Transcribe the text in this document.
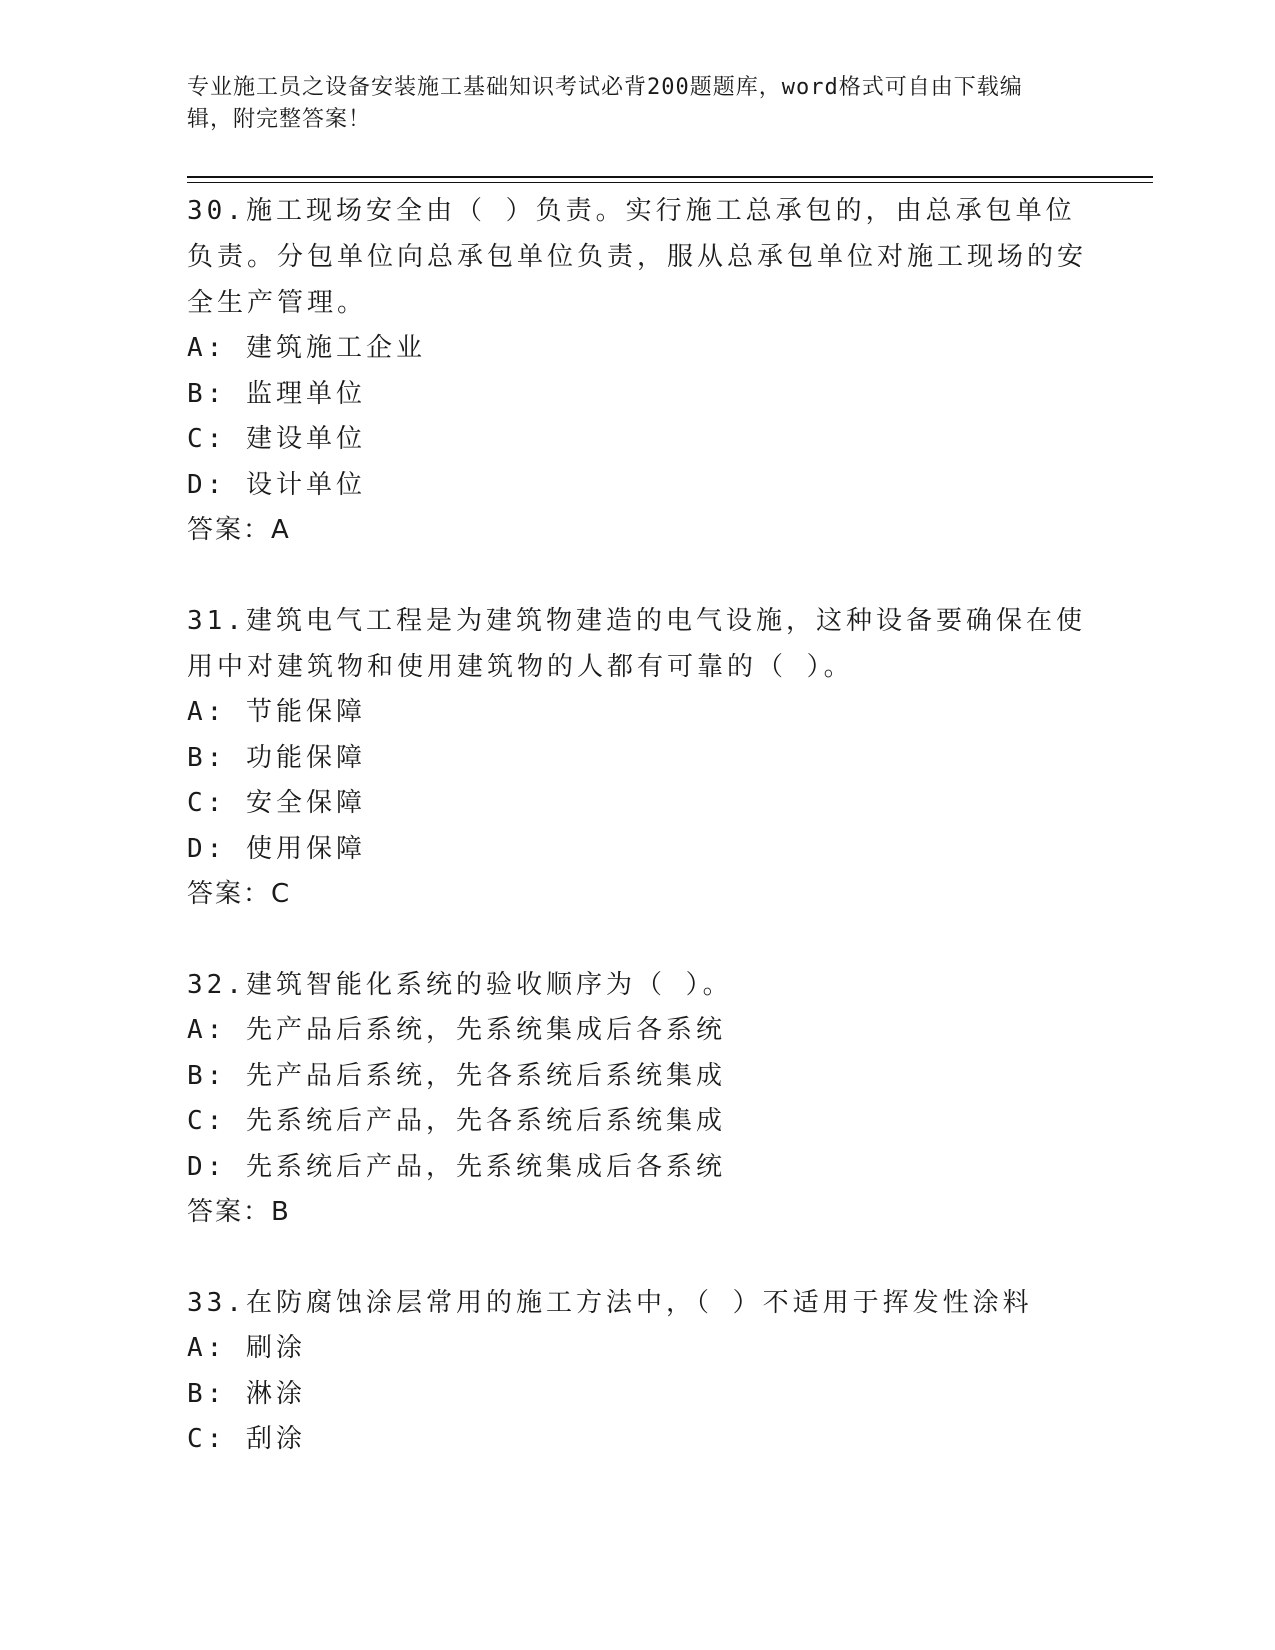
专业施工员之设备安装施工基础知识考试必背200题题库，word格式可自由下载编辑，附完整答案！
30.施工现场安全由（ ）负责。实行施工总承包的，由总承包单位负责。分包单位向总承包单位负责，服从总承包单位对施工现场的安全生产管理。
A: 建筑施工企业
B: 监理单位
C: 建设单位
D: 设计单位
答案：A
31.建筑电气工程是为建筑物建造的电气设施，这种设备要确保在使用中对建筑物和使用建筑物的人都有可靠的（ ）。
A: 节能保障
B: 功能保障
C: 安全保障
D: 使用保障
答案：C
32.建筑智能化系统的验收顺序为（ ）。
A: 先产品后系统，先系统集成后各系统
B: 先产品后系统，先各系统后系统集成
C: 先系统后产品，先各系统后系统集成
D: 先系统后产品，先系统集成后各系统
答案：B
33.在防腐蚀涂层常用的施工方法中，（ ）不适用于挥发性涂料
A: 刷涂
B: 淋涂
C: 刮涂
